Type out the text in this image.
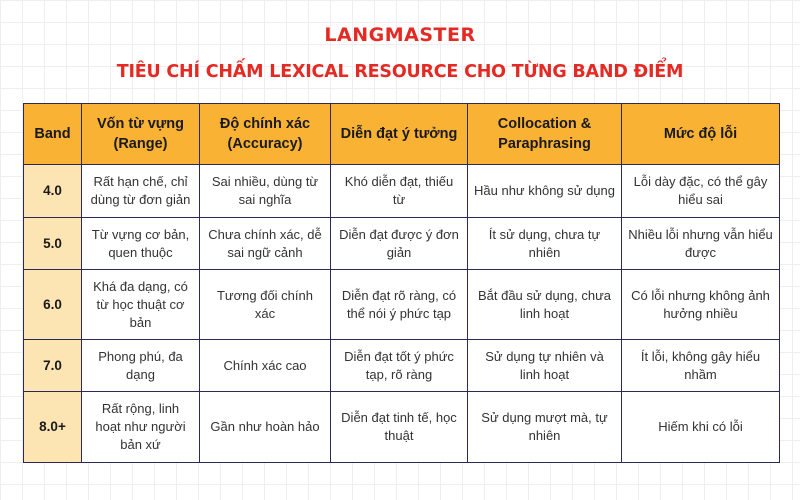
LANGMASTER
TIÊU CHÍ CHẤM LEXICAL RESOURCE CHO TỪNG BAND ĐIỂM
Band	Vốn từ vựng (Range)	Độ chính xác (Accuracy)	Diễn đạt ý tưởng	Collocation & Paraphrasing	Mức độ lỗi
4.0	Rất hạn chế, chỉ dùng từ đơn giản	Sai nhiều, dùng từ sai nghĩa	Khó diễn đạt, thiếu từ	Hầu như không sử dụng	Lỗi dày đặc, có thể gây hiểu sai
5.0	Từ vựng cơ bản, quen thuộc	Chưa chính xác, dễ sai ngữ cảnh	Diễn đạt được ý đơn giản	Ít sử dụng, chưa tự nhiên	Nhiều lỗi nhưng vẫn hiểu được
6.0	Khá đa dạng, có từ học thuật cơ bản	Tương đối chính xác	Diễn đạt rõ ràng, có thể nói ý phức tạp	Bắt đầu sử dụng, chưa linh hoạt	Có lỗi nhưng không ảnh hưởng nhiều
7.0	Phong phú, đa dạng	Chính xác cao	Diễn đạt tốt ý phức tạp, rõ ràng	Sử dụng tự nhiên và linh hoạt	Ít lỗi, không gây hiểu nhầm
8.0+	Rất rộng, linh hoạt như người bản xứ	Gần như hoàn hảo	Diễn đạt tinh tế, học thuật	Sử dụng mượt mà, tự nhiên	Hiếm khi có lỗi
